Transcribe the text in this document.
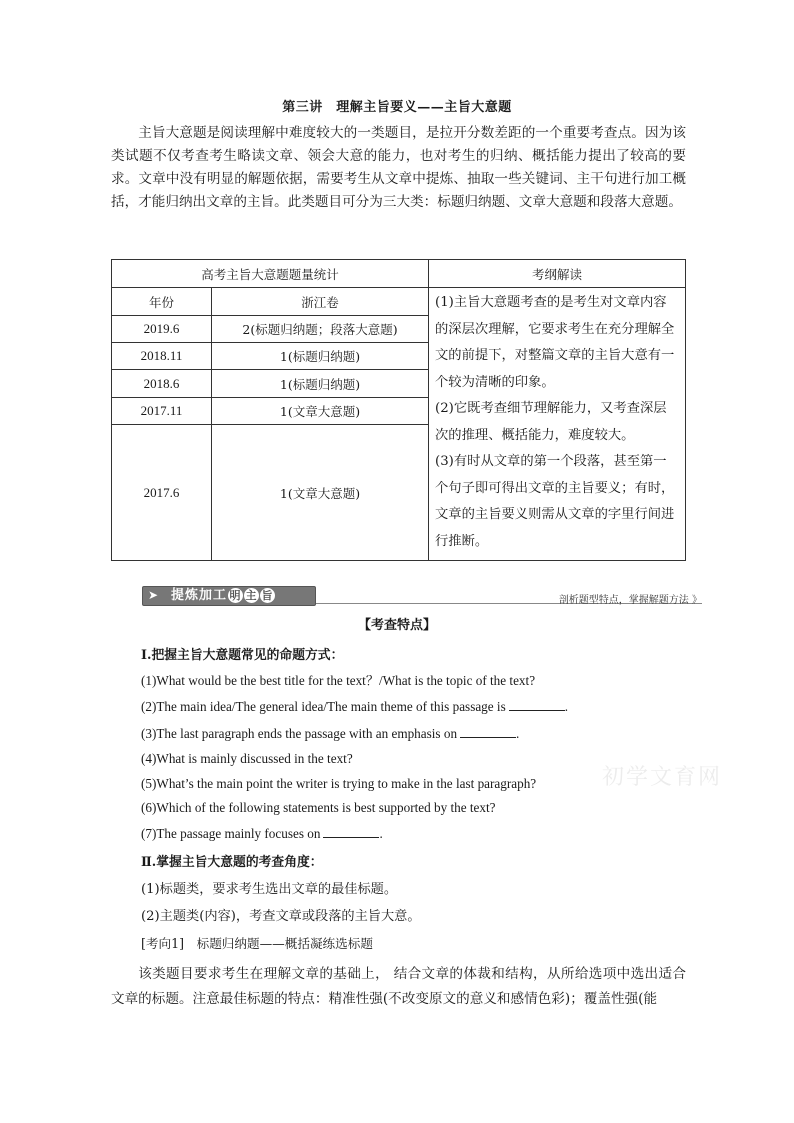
第三讲　理解主旨要义——主旨大意题

主旨大意题是阅读理解中难度较大的一类题目，是拉开分数差距的一个重要考查点。因为该类试题不仅考查考生略读文章、领会大意的能力，也对考生的归纳、概括能力提出了较高的要求。文章中没有明显的解题依据，需要考生从文章中提炼、抽取一些关键词、主干句进行加工概括，才能归纳出文章的主旨。此类题目可分为三大类：标题归纳题、文章大意题和段落大意题。

高考主旨大意题题量统计		考纲解读
年份	浙江卷	(1)主旨大意题考查的是考生对文章内容的深层次理解，它要求考生在充分理解全文的前提下，对整篇文章的主旨大意有一个较为清晰的印象。

(2)它既考查细节理解能力，又考查深层次的推理、概括能力，难度较大。

(3)有时从文章的第一个段落，甚至第一个句子即可得出文章的主旨要义；有时，文章的主旨要义则需从文章的字里行间进行推断。

2019.6	2(标题归纳题；段落大意题)	
2018.11	1(标题归纳题)	
2018.6	1(标题归纳题)	
2017.11	1(文章大意题)	
2017.6	1(文章大意题)	
➤ 提炼加工 明 主 旨	剖析题型特点，掌握解题方法 》
【考查特点】
Ⅰ.把握主旨大意题常见的命题方式：
(1)What would be the best title for the text？/What is the topic of the text?
(2)The main idea/The general idea/The main theme of this passage is	.
(3)The last paragraph ends the passage with an emphasis on	.
(4)What is mainly discussed in the text?
(5)What’s the main point the writer is trying to make in the last paragraph?
(6)Which of the following statements is best supported by the text?
(7)The passage mainly focuses on	.
Ⅱ.掌握主旨大意题的考查角度：
(1)标题类，要求考生选出文章的最佳标题。
(2)主题类(内容)，考查文章或段落的主旨大意。
[考向1]　标题归纳题——概括凝练选标题
初学文育网

该类题目要求考生在理解文章的基础上， 结合文章的体裁和结构，从所给选项中选出适合文章的标题。注意最佳标题的特点：精准性强(不改变原文的意义和感情色彩)；覆盖性强(能
